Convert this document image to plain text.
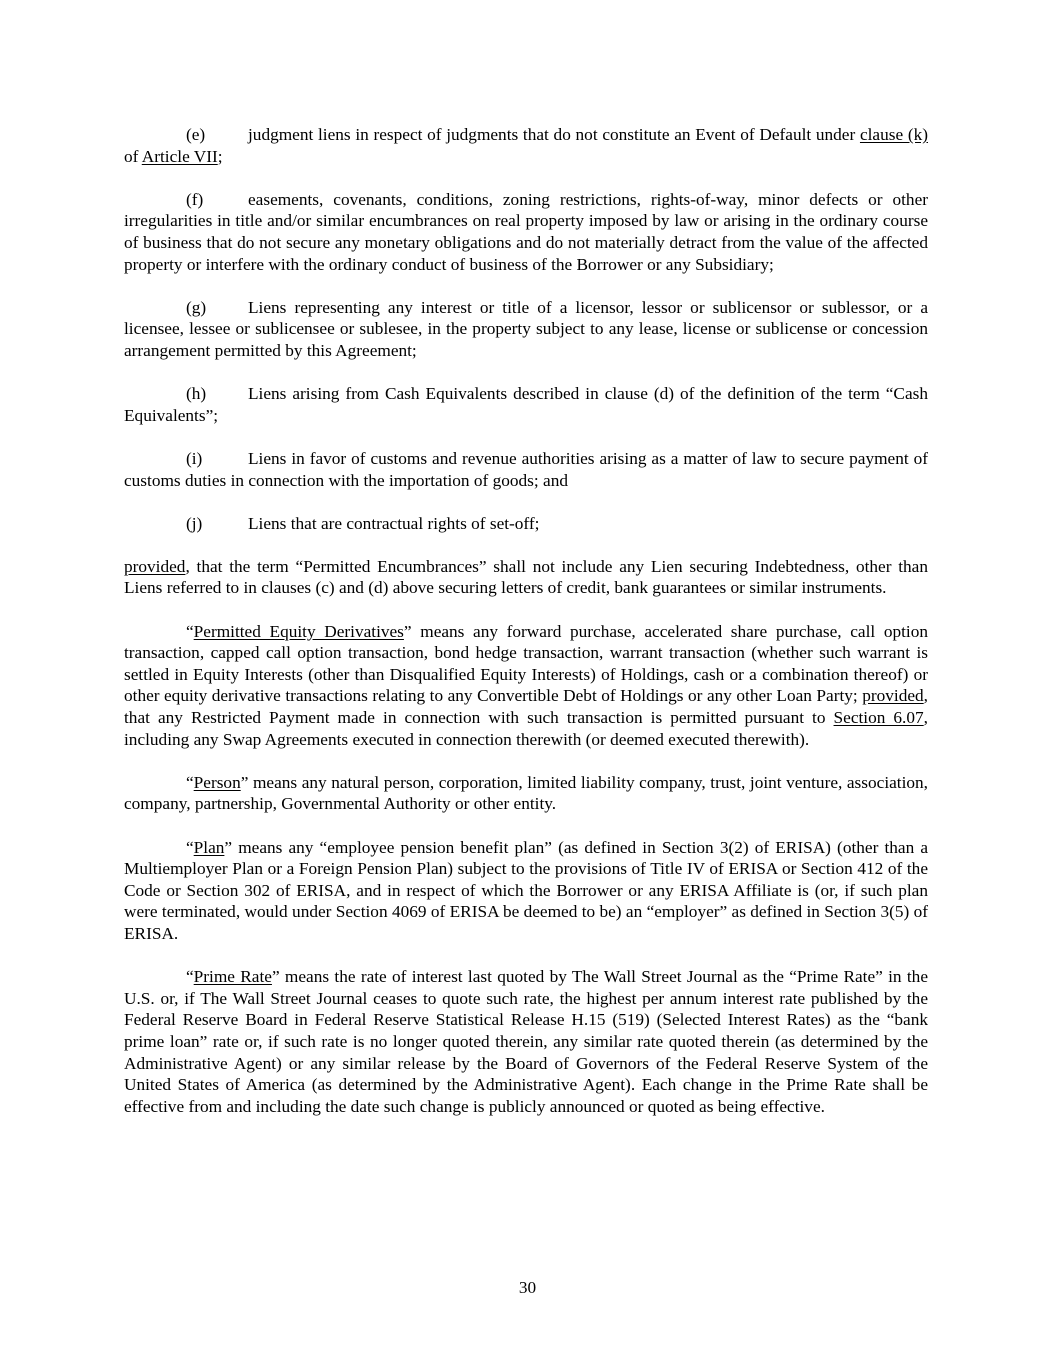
(e) judgment liens in respect of judgments that do not constitute an Event of Default under clause (k) of Article VII;

(f)	easements, covenants, conditions, zoning restrictions, rights-of-way, minor defects or other irregularities in title and/or similar encumbrances on real property imposed by law or arising in the ordinary course of business that do not secure any monetary obligations and do not materially detract from the value of the affected property or interfere with the ordinary conduct of business of the Borrower or any Subsidiary;

(g) Liens representing any interest or title of a licensor, lessor or sublicensor or sublessor, or a licensee, lessee or sublicensee or sublesee, in the property subject to any lease, license or sublicense or concession arrangement permitted by this Agreement;

(h) Liens arising from Cash Equivalents described in clause (d) of the definition of the term “Cash Equivalents”;

(i)	Liens in favor of customs and revenue authorities arising as a matter of law to secure payment of customs duties in connection with the importation of goods; and

(j)	Liens that are contractual rights of set-off;

provided, that the term “Permitted Encumbrances” shall not include any Lien securing Indebtedness, other than Liens referred to in clauses (c) and (d) above securing letters of credit, bank guarantees or similar instruments.

“Permitted Equity Derivatives” means any forward purchase, accelerated share purchase, call option transaction, capped call option transaction, bond hedge transaction, warrant transaction (whether such warrant is settled in Equity Interests (other than Disqualified Equity Interests) of Holdings, cash or a combination thereof) or other equity derivative transactions relating to any Convertible Debt of Holdings or any other Loan Party; provided, that any Restricted Payment made in connection with such transaction is permitted pursuant to Section 6.07, including any Swap Agreements executed in connection therewith (or deemed executed therewith).

“Person” means any natural person, corporation, limited liability company, trust, joint venture, association, company, partnership, Governmental Authority or other entity.

“Plan” means any “employee pension benefit plan” (as defined in Section 3(2) of ERISA) (other than a Multiemployer Plan or a Foreign Pension Plan) subject to the provisions of Title IV of ERISA or Section 412 of the Code or Section 302 of ERISA, and in respect of which the Borrower or any ERISA Affiliate is (or, if such plan were terminated, would under Section 4069 of ERISA be deemed to be) an “employer” as defined in Section 3(5) of ERISA.

“Prime Rate” means the rate of interest last quoted by The Wall Street Journal as the “Prime Rate” in the U.S. or, if The Wall Street Journal ceases to quote such rate, the highest per annum interest rate published by the Federal Reserve Board in Federal Reserve Statistical Release H.15 (519) (Selected Interest Rates) as the “bank prime loan” rate or, if such rate is no longer quoted therein, any similar rate quoted therein (as determined by the Administrative Agent) or any similar release by the Board of Governors of the Federal Reserve System of the United States of America (as determined by the Administrative Agent). Each change in the Prime Rate shall be effective from and including the date such change is publicly announced or quoted as being effective.

30
